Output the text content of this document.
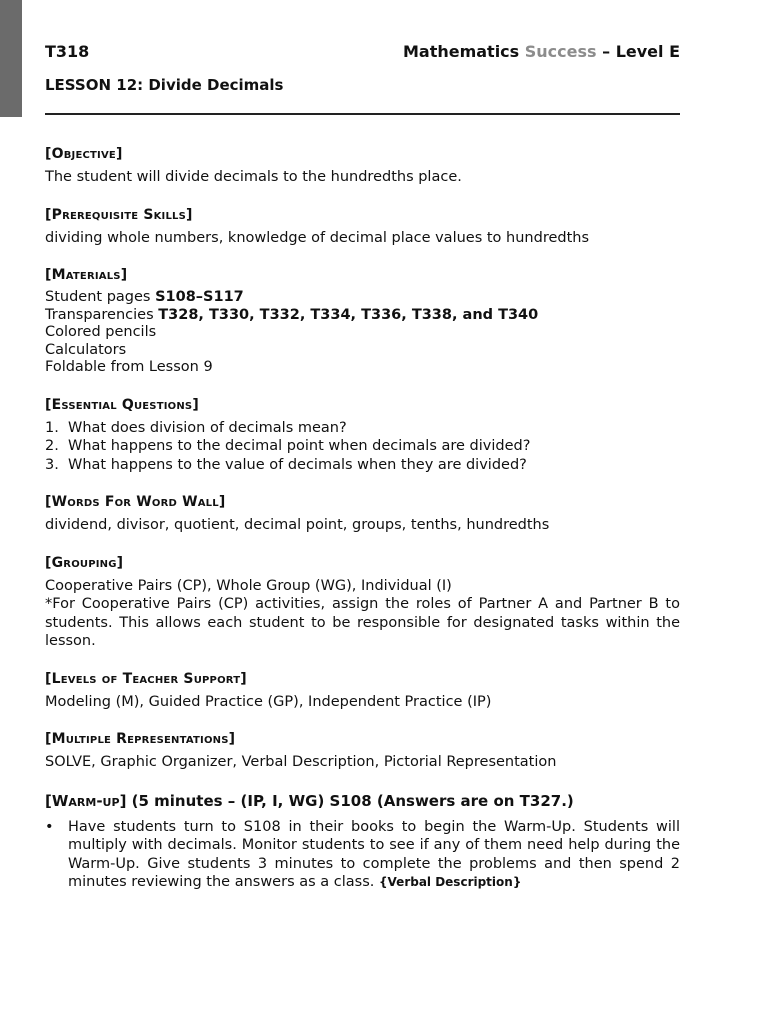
T318	Mathematics Success – Level E
LESSON 12: Divide Decimals
[Objective]
The student will divide decimals to the hundredths place.
[Prerequisite Skills]
dividing whole numbers, knowledge of decimal place values to hundredths
[Materials]
Student pages S108–S117
Transparencies T328, T330, T332, T334, T336, T338, and T340
Colored pencils
Calculators
Foldable from Lesson 9
[Essential Questions]
1. What does division of decimals mean?
2. What happens to the decimal point when decimals are divided?
3. What happens to the value of decimals when they are divided?
[Words For Word Wall]
dividend, divisor, quotient, decimal point, groups, tenths, hundredths
[Grouping]
Cooperative Pairs (CP), Whole Group (WG), Individual (I)
*For Cooperative Pairs (CP) activities, assign the roles of Partner A and Partner B to students. This allows each student to be responsible for designated tasks within the lesson.
[Levels of Teacher Support]
Modeling (M), Guided Practice (GP), Independent Practice (IP)
[Multiple Representations]
SOLVE, Graphic Organizer, Verbal Description, Pictorial Representation
[Warm-up] (5 minutes – (IP, I, WG) S108 (Answers are on T327.)
• Have students turn to S108 in their books to begin the Warm-Up. Students will multiply with decimals. Monitor students to see if any of them need help during the Warm-Up. Give students 3 minutes to complete the problems and then spend 2 minutes reviewing the answers as a class. {Verbal Description}
